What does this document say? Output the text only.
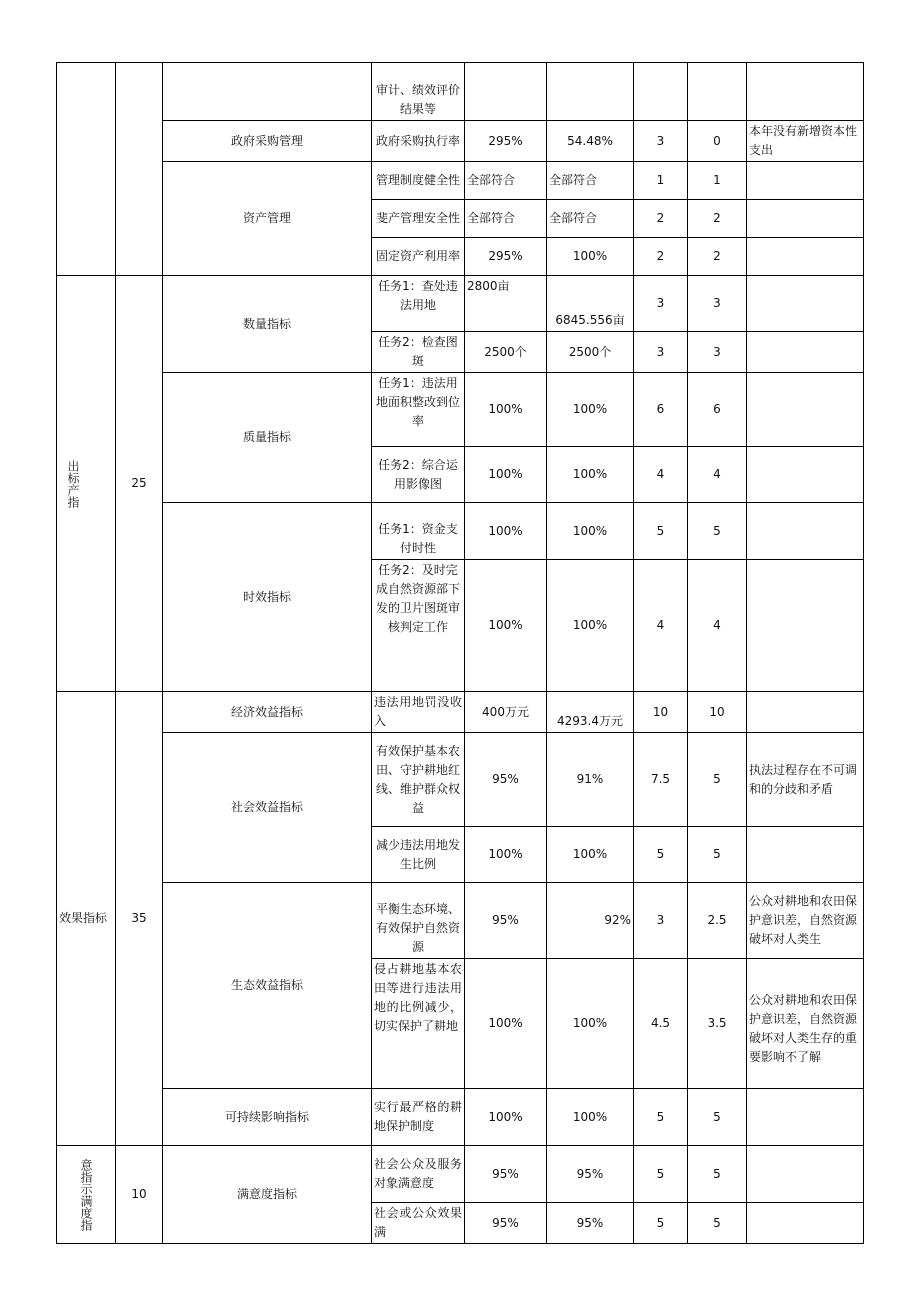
			审计、绩效评价结果等					
		政府采购管理	政府采购执行率	295%	54.48%	3	0	本年没有新增资本性支出
		资产管理	管理制度健全性	全部符合	全部符合	1	1	
			斐产管理安全性	全部符合	全部符合	2	2	
			固定资产利用率	295%	100%	2	2	

出标产指	25	数量指标	任务1：查处违法用地	2800亩	6845.556亩	3	3	
			任务2：检查图斑	2500个	2500个	3	3	
		质量指标	任务1：违法用地面积整改到位率	100%	100%	6	6	
			任务2：综合运用影像图	100%	100%	4	4	
		时效指标	任务1：资金支付时性	100%	100%	5	5	
			任务2：及时完成自然资源部下发的卫片图斑审核判定工作	100%	100%	4	4	
效果指标	35	经济效益指标	违法用地罚没收入	400万元	4293.4万元	10	10	
		社会效益指标	有效保护基本农田、守护耕地红线、维护群众权益	95%	91%	7.5	5	执法过程存在不可调和的分歧和矛盾
			减少违法用地发生比例	100%	100%	5	5	
		生态效益指标	平衡生态环境、有效保护自然资源	95%	92%	3	2.5	公众对耕地和农田保护意识差，自然资源破坏对人类生
			侵占耕地基本农田等进行违法用地的比例减少，切实保护了耕地	100%	100%	4.5	3.5	公众对耕地和农田保护意识差，自然资源破坏对人类生存的重要影响不了解
		可持续影响指标	实行最严格的耕地保护制度	100%	100%	5	5	

意指示满度指	10	满意度指标	社会公众及服务对象满意度	95%	95%	5	5	
			社会或公众效果满	95%	95%	5	5	
